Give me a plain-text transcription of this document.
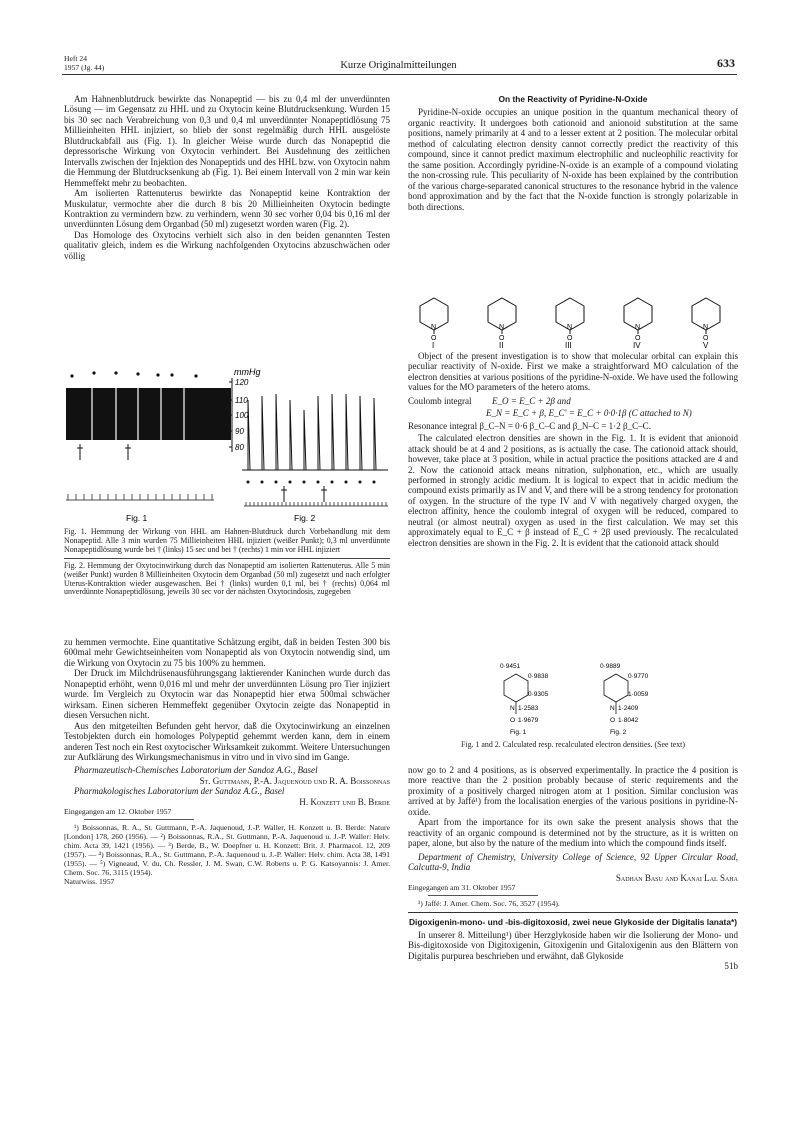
Heft 24
1957 (Jg. 44)	Kurze Originalmitteilungen	633

Am Hahnenblutdruck bewirkte das Nonapeptid — bis zu 0,4 ml der unverdünnten Lösung — im Gegensatz zu HHL und zu Oxytocin keine Blutdrucksenkung. Wurden 15 bis 30 sec nach Verabreichung von 0,3 und 0,4 ml unverdünnter Nonapeptidlösung 75 Millieinheiten HHL injiziert, so blieb der sonst regelmäßig durch HHL ausgelöste Blutdruckabfall aus (Fig. 1). In gleicher Weise wurde durch das Nonapeptid die depressorische Wirkung von Oxytocin verhindert. Bei Ausdehnung des zeitlichen Intervalls zwischen der Injektion des Nonapeptids und des HHL bzw. von Oxytocin nahm die Hemmung der Blutdrucksenkung ab (Fig. 1). Bei einem Intervall von 2 min war kein Hemmeffekt mehr zu beobachten.

Am isolierten Rattenuterus bewirkte das Nonapeptid keine Kontraktion der Muskulatur, vermochte aber die durch 8 bis 20 Millieinheiten Oxytocin bedingte Kontraktion zu vermindern bzw. zu verhindern, wenn 30 sec vorher 0,04 bis 0,16 ml der unverdünnten Lösung dem Organbad (50 ml) zugesetzt worden waren (Fig. 2).

Das Homologe des Oxytocins verhielt sich also in den beiden genannten Testen qualitativ gleich, indem es die Wirkung nachfolgenden Oxytocins abzuschwächen oder völlig

mmHg
120
110
100
90
80
Fig. 1	Fig. 2

Fig. 1. Hemmung der Wirkung von HHL am Hahnen-Blutdruck durch Vorbehandlung mit dem Nonapeptid. Alle 3 min wurden 75 Millieinheiten HHL injiziert (weißer Punkt); 0,3 ml unverdünnte Nonapeptidlösung wurde bei † (links) 15 sec und bei † (rechts) 1 min vor HHL injiziert

Fig. 2. Hemmung der Oxytocinwirkung durch das Nonapeptid am isolierten Rattenuterus. Alle 5 min (weißer Punkt) wurden 8 Millieinheiten Oxytocin dem Organbad (50 ml) zugesetzt und nach erfolgter Uterus-Kontraktion wieder ausgewaschen. Bei † (links) wurden 0,1 ml, bei † (rechts) 0,064 ml unverdünnte Nonapeptidlösung, jeweils 30 sec vor der nächsten Oxytocindosis, zugegeben

zu hemmen vermochte. Eine quantitative Schätzung ergibt, daß in beiden Testen 300 bis 600mal mehr Gewichtseinheiten vom Nonapeptid als von Oxytocin notwendig sind, um die Wirkung von Oxytocin zu 75 bis 100% zu hemmen.

Der Druck im Milchdrüsenausführungsgang laktierender Kaninchen wurde durch das Nonapeptid erhöht, wenn 0,016 ml und mehr der unverdünnten Lösung pro Tier injiziert wurde. Im Vergleich zu Oxytocin war das Nonapeptid hier etwa 500mal schwächer wirksam. Einen sicheren Hemmeffekt gegenüber Oxytocin zeigte das Nonapeptid in diesen Versuchen nicht.

Aus den mitgeteilten Befunden geht hervor, daß die Oxytocinwirkung an einzelnen Testobjekten durch ein homologes Polypeptid gehemmt werden kann, dem in einem anderen Test noch ein Rest oxytocischer Wirksamkeit zukommt. Weitere Untersuchungen zur Aufklärung des Wirkungsmechanismus in vitro und in vivo sind im Gange.

Pharmazeutisch-Chemisches Laboratorium der Sandoz A.G., Basel

St. Guttmann, P.-A. Jaquenoud und R. A. Boissonnas

Pharmakologisches Laboratorium der Sandoz A.G., Basel

H. Konzett und B. Berde

Eingegangen am 12. Oktober 1957

¹) Boissonnas, R. A., St. Guttmann, P.-A. Jaquenoud, J.-P. Waller, H. Konzett u. B. Berde: Nature [London] 178, 260 (1956). — ²) Boissonnas, R.A., St. Guttmann, P.-A. Jaquenoud u. J.-P. Waller: Helv. chim. Acta 39, 1421 (1956). — ³) Berde, B., W. Doepfner u. H. Konzett: Brit. J. Pharmacol. 12, 209 (1957). — ⁴) Boissonnas, R.A., St. Guttmann, P.-A. Jaquenoud u. J.-P. Waller: Helv. chim. Acta 38, 1491 (1955). — ⁵) Vigneaud, V. du, Ch. Ressler, J. M. Swan, C.W. Roberts u. P. G. Katsoyannis: J. Amer. Chem. Soc. 76, 3115 (1954).

Naturwiss. 1957

On the Reactivity of Pyridine-N-Oxide

Pyridine-N-oxide occupies an unique position in the quantum mechanical theory of organic reactivity. It undergoes both cationoid and anionoid substitution at the same positions, namely primarily at 4 and to a lesser extent at 2 position. The molecular orbital method of calculating electron density cannot correctly predict the reactivity of this compound, since it cannot predict maximum electrophilic and nucleophilic reactivity for the same position. Accordingly pyridine-N-oxide is an example of a compound violating the non-crossing rule. This peculiarity of N-oxide has been explained by the contribution of the various charge-separated canonical structures to the resonance hybrid in the valence bond approximation and by the fact that the N-oxide function is strongly polarizable in both directions.

N	N	N	N	N
O	O	O	O	O
I	II	III	IV	V

Object of the present investigation is to show that molecular orbital can explain this peculiar reactivity of N-oxide. First we make a straightforward MO calculation of the electron densities at various positions of the pyridine-N-oxide. We have used the following values for the MO parameters of the hetero atoms.

Coulomb integral E_O = E_C + 2β and

E_N = E_C + β, E_C' = E_C + 0·0·1β (C attached to N)

Resonance integral β_C–N = 0·6 β_C–C and β_N–C = 1·2 β_C–C.

The calculated electron densities are shown in the Fig. 1. It is evident that anionoid attack should be at 4 and 2 positions, as is actually the case. The cationoid attack should, however, take place at 3 position, while in actual practice the positions attacked are 4 and 2. Now the cationoid attack means nitration, sulphonation, etc., which are usually performed in strongly acidic medium. It is logical to expect that in acidic medium the compound exists primarily as IV and V, and there will be a strong tendency for protonation of oxygen. In the structure of the type IV and V with negatively charged oxygen, the electron affinity, hence the coulomb integral of oxygen will be reduced, compared to neutral (or almost neutral) oxygen as used in the first calculation. We may set this approximately equal to E_C + β instead of E_C + 2β used previously. The recalculated electron densities are shown in the Fig. 2. It is evident that the cationoid attack should

0·9451
0·9838
0·9305
N 1·2583
O 1·9679
0·9889
0·9770
1·0059
N 1·2409
O 1·8042
Fig. 1	Fig. 2
Fig. 1 and 2. Calculated resp. recalculated electron densities. (See text)

now go to 2 and 4 positions, as is observed experimentally. In practice the 4 position is more reactive than the 2 position probably because of steric requirements and the proximity of a positively charged nitrogen atom at 1 position. Similar conclusion was arrived at by Jaffé¹) from the localisation energies of the various positions in pyridine-N-oxide.

Apart from the importance for its own sake the present analysis shows that the reactivity of an organic compound is determined not by the structure, as it is written on paper, alone, but also by the nature of the medium into which the compound finds itself.

Department of Chemistry, University College of Science, 92 Upper Circular Road, Calcutta-9, India

Sadhan Basu and Kanai Lal Saha

Eingegangen am 31. Oktober 1957

¹) Jaffé: J. Amer. Chem. Soc. 76, 3527 (1954).

Digoxigenin-mono- und -bis-digitoxosid, zwei neue Glykoside der Digitalis lanata*)

In unserer 8. Mitteilung¹) über Herzglykoside haben wir die Isolierung der Mono- und Bis-digitoxoside von Digitoxigenin, Gitoxigenin und Gitaloxigenin aus den Blättern von Digitalis purpurea beschrieben und erwähnt, daß Glykoside

51b
